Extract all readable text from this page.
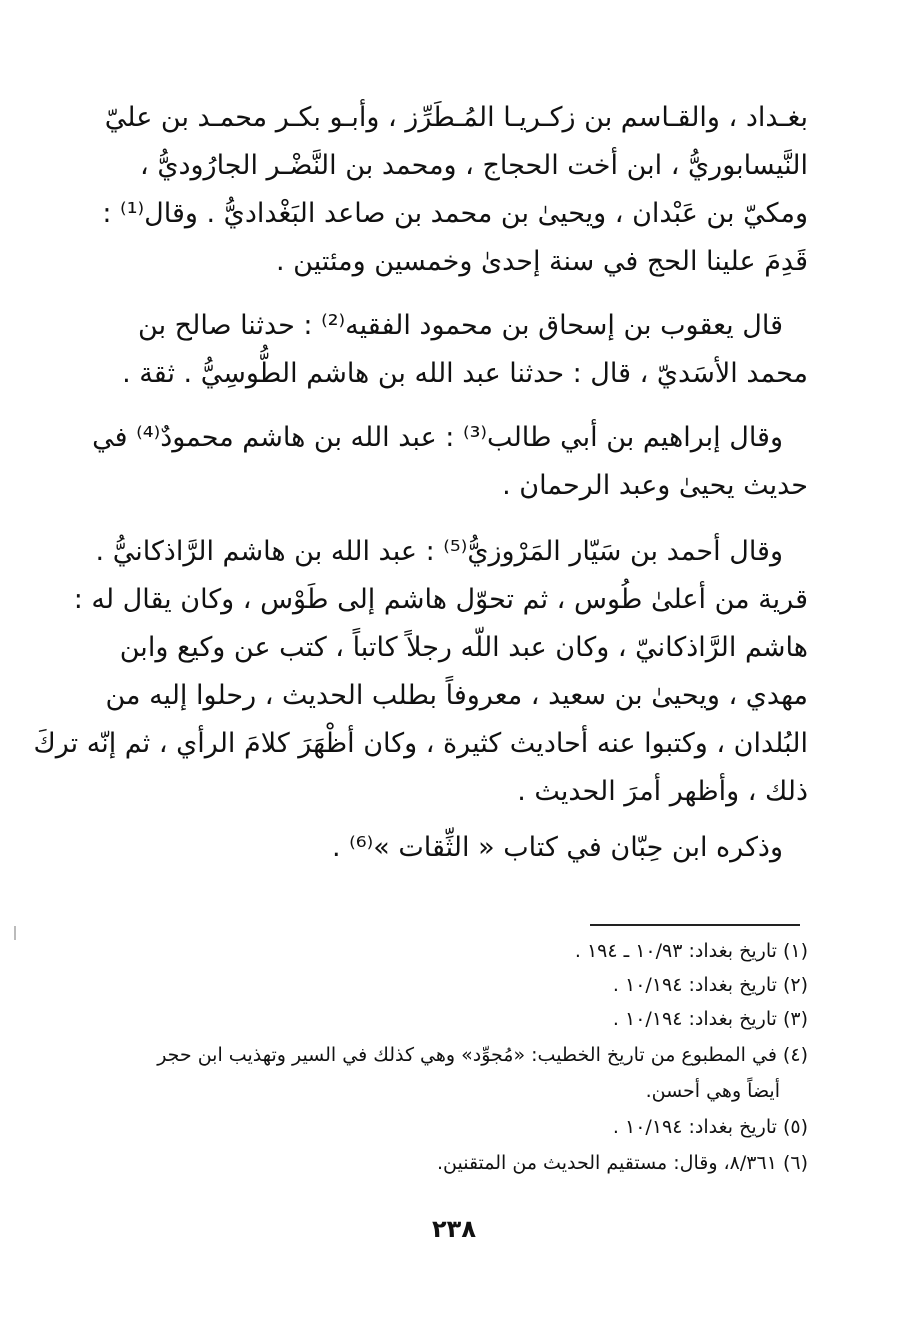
بغـداد ، والقـاسم بن زكـريـا المُـطَرِّز ، وأبـو بكـر محمـد بن عليّ
النَّيسابوريُّ ، ابن أخت الحجاج ، ومحمد بن النَّضْـر الجارُوديُّ ،
ومكيّ بن عَبْدان ، ويحيىٰ بن محمد بن صاعد البَغْداديُّ . وقال⁽¹⁾ :
قَدِمَ علينا الحج في سنة إحدىٰ وخمسين ومئتين .
قال يعقوب بن إسحاق بن محمود الفقيه⁽²⁾ : حدثنا صالح بن
محمد الأسَديّ ، قال : حدثنا عبد الله بن هاشم الطُّوسِيُّ . ثقة .
وقال إبراهيم بن أبي طالب⁽³⁾ : عبد الله بن هاشم محمودٌ⁽⁴⁾ في
حديث يحيىٰ وعبد الرحمان .
وقال أحمد بن سَيّار المَرْوزيُّ⁽⁵⁾ : عبد الله بن هاشم الرَّاذكانيُّ .
قرية من أعلىٰ طُوس ، ثم تحوّل هاشم إلى طَوْس ، وكان يقال له :
هاشم الرَّاذكانيّ ، وكان عبد اللّه رجلاً كاتباً ، كتب عن وكيع وابن
مهدي ، ويحيىٰ بن سعيد ، معروفاً بطلب الحديث ، رحلوا إليه من
البُلدان ، وكتبوا عنه أحاديث كثيرة ، وكان أظْهَرَ كلامَ الرأي ، ثم إنّه تركَ
ذلك ، وأظهر أمرَ الحديث .
وذكره ابن حِبّان في كتاب « الثِّقات »⁽⁶⁾ .
(١) تاريخ بغداد: ١٠/٩٣ ـ ١٩٤ .
(٢) تاريخ بغداد: ١٠/١٩٤ .
(٣) تاريخ بغداد: ١٠/١٩٤ .
(٤) في المطبوع من تاريخ الخطيب: «مُجوِّد» وهي كذلك في السير وتهذيب ابن حجر
أيضاً وهي أحسن.
(٥) تاريخ بغداد: ١٠/١٩٤ .
(٦) ٨/٣٦١، وقال: مستقيم الحديث من المتقنين.
٢٣٨
